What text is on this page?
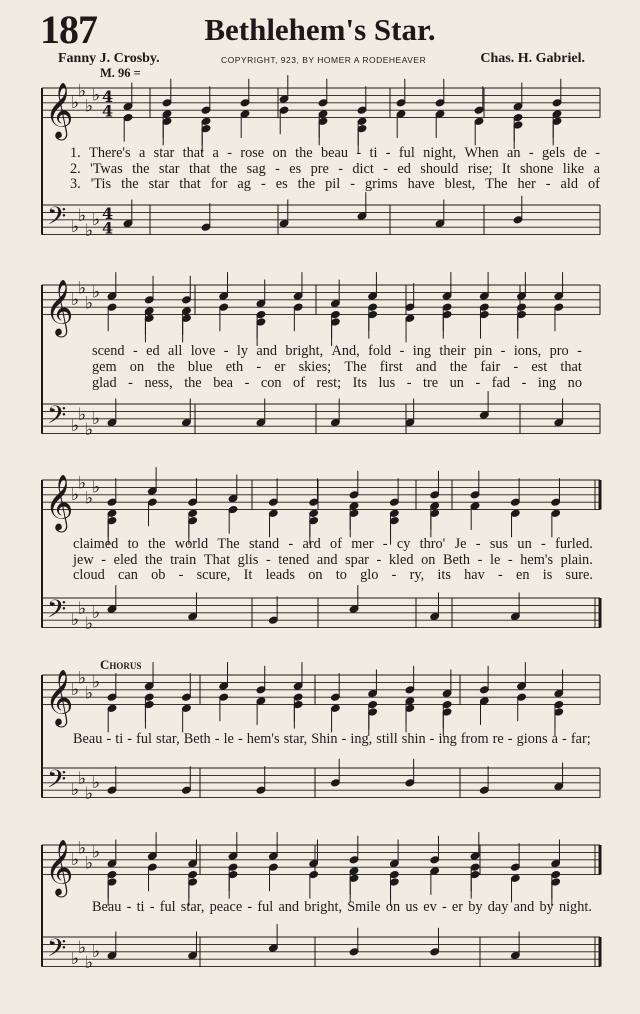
187	Bethlehem's Star.
Fanny J. Crosby.	COPYRIGHT, 923, BY HOMER A RODEHEAVER	Chas. H. Gabriel.
M. 96 =
Chorus
𝄞
𝄢
♭
♭
♭
♭
♭
♭
♭
♭
4
4
4
4
𝄞
𝄢
♭
♭
♭
♭
♭
♭
♭
♭
𝄞
𝄢
♭
♭
♭
♭
♭
♭
♭
♭
𝄞
𝄢
♭
♭
♭
♭
♭
♭
♭
♭
𝄞
𝄢
♭
♭
♭
♭
♭
♭
♭
♭
1. There's a star that a - rose on the beau - ti - ful night, When an - gels de -
2. 'Twas the star that the sag - es pre - dict - ed should rise; It shone like a
3. 'Tis the star that for ag - es the pil - grims have blest, The her - ald of
scend - ed all love - ly and bright, And, fold - ing their pin - ions, pro -
gem on the blue eth - er skies; The first and the fair - est that
glad - ness, the bea - con of rest; Its lus - tre un - fad - ing no
claimed to the world The stand - ard of mer - cy thro' Je - sus un - furled.
jew - eled the train That glis - tened and spar - kled on Beth - le - hem's plain.
cloud can ob - scure, It leads on to glo - ry, its hav - en is sure.
Beau - ti - ful star, Beth - le - hem's star, Shin - ing, still shin - ing from re - gions a - far;
Beau - ti - ful star, peace - ful and bright, Smile on us ev - er by day and by night.
